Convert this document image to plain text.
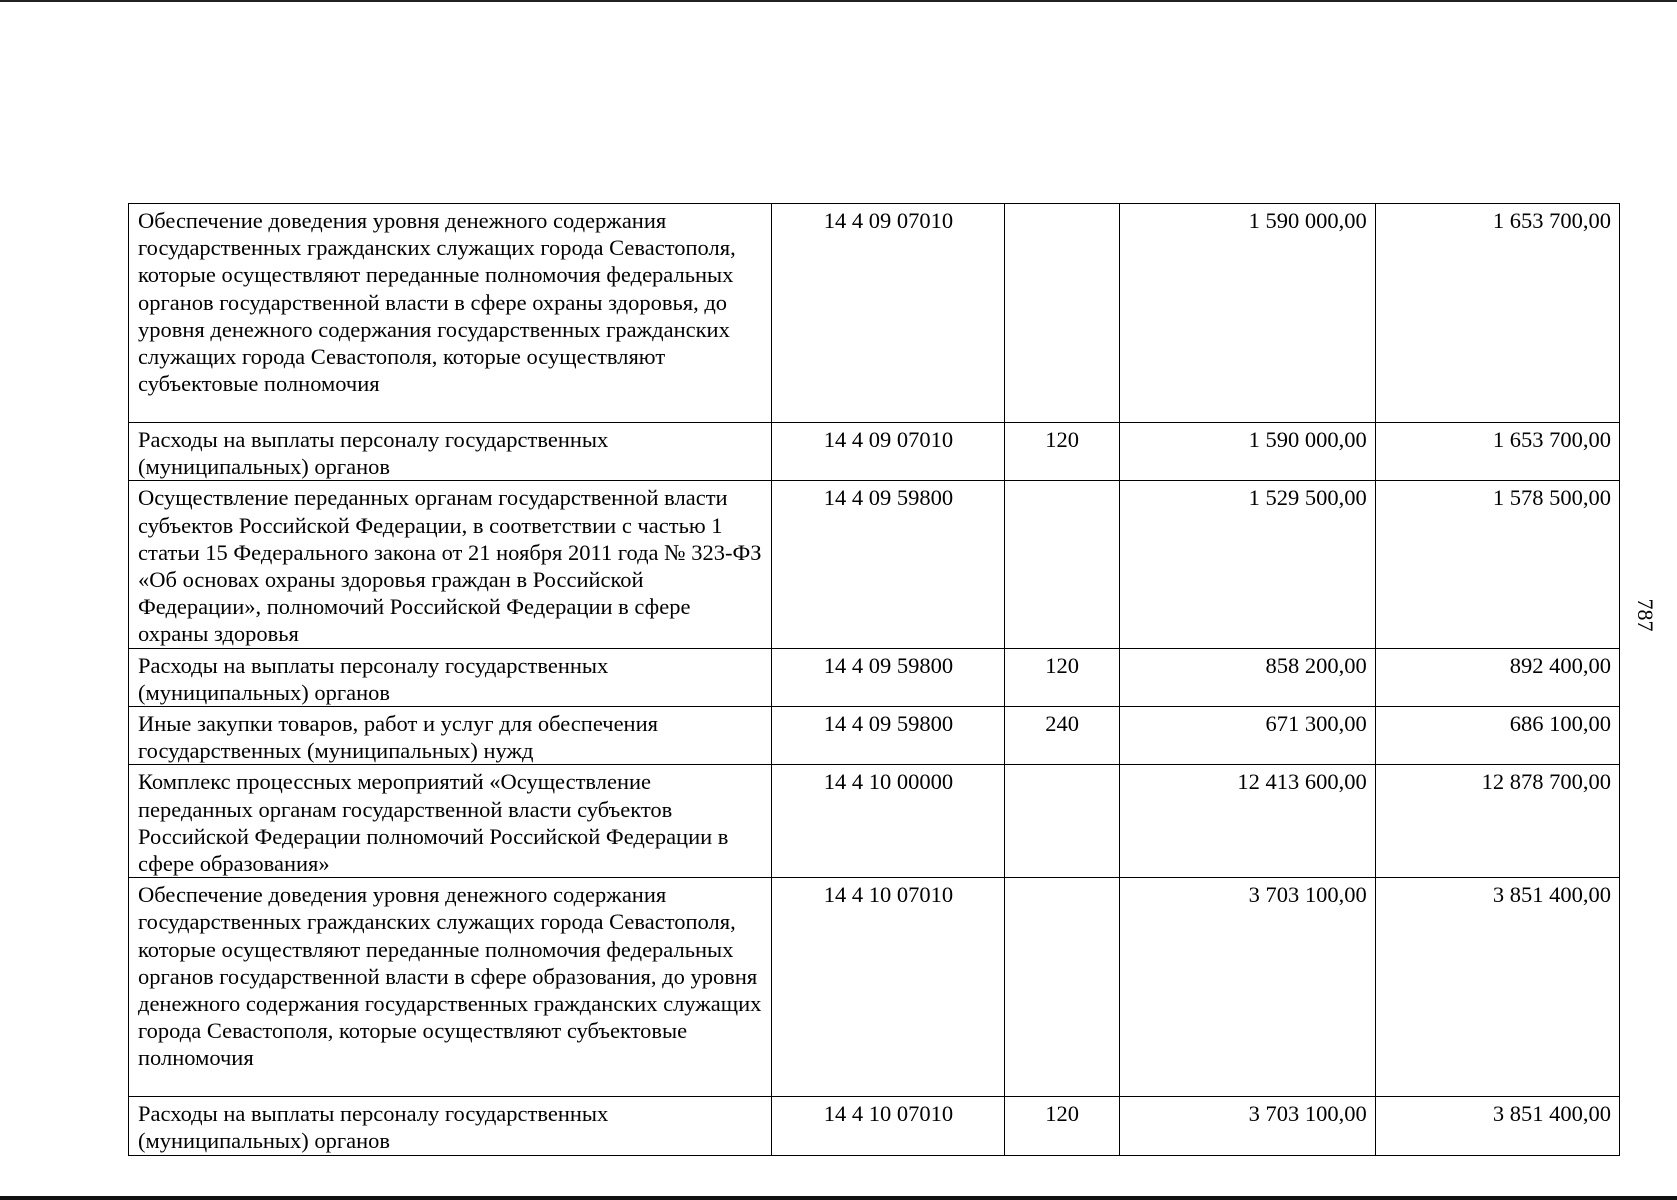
Обеспечение доведения уровня денежного содержания государственных гражданских служащих города Севастополя, которые осуществляют переданные полномочия федеральных органов государственной власти в сфере охраны здоровья, до уровня денежного содержания государственных гражданских служащих города Севастополя, которые осуществляют субъектовые полномочия	14 4 09 07010		1 590 000,00	1 653 700,00
Расходы на выплаты персоналу государственных (муниципальных) органов	14 4 09 07010	120	1 590 000,00	1 653 700,00
Осуществление переданных органам государственной власти субъектов Российской Федерации, в соответствии с частью 1 статьи 15 Федерального закона от 21 ноября 2011 года № 323-ФЗ «Об основах охраны здоровья граждан в Российской Федерации», полномочий Российской Федерации в сфере охраны здоровья	14 4 09 59800		1 529 500,00	1 578 500,00
Расходы на выплаты персоналу государственных (муниципальных) органов	14 4 09 59800	120	858 200,00	892 400,00
Иные закупки товаров, работ и услуг для обеспечения государственных (муниципальных) нужд	14 4 09 59800	240	671 300,00	686 100,00
Комплекс процессных мероприятий «Осуществление переданных органам государственной власти субъектов Российской Федерации полномочий Российской Федерации в сфере образования»	14 4 10 00000		12 413 600,00	12 878 700,00
Обеспечение доведения уровня денежного содержания государственных гражданских служащих города Севастополя, которые осуществляют переданные полномочия федеральных органов государственной власти в сфере образования, до уровня денежного содержания государственных гражданских служащих города Севастополя, которые осуществляют субъектовые полномочия	14 4 10 07010		3 703 100,00	3 851 400,00
Расходы на выплаты персоналу государственных (муниципальных) органов	14 4 10 07010	120	3 703 100,00	3 851 400,00
787
